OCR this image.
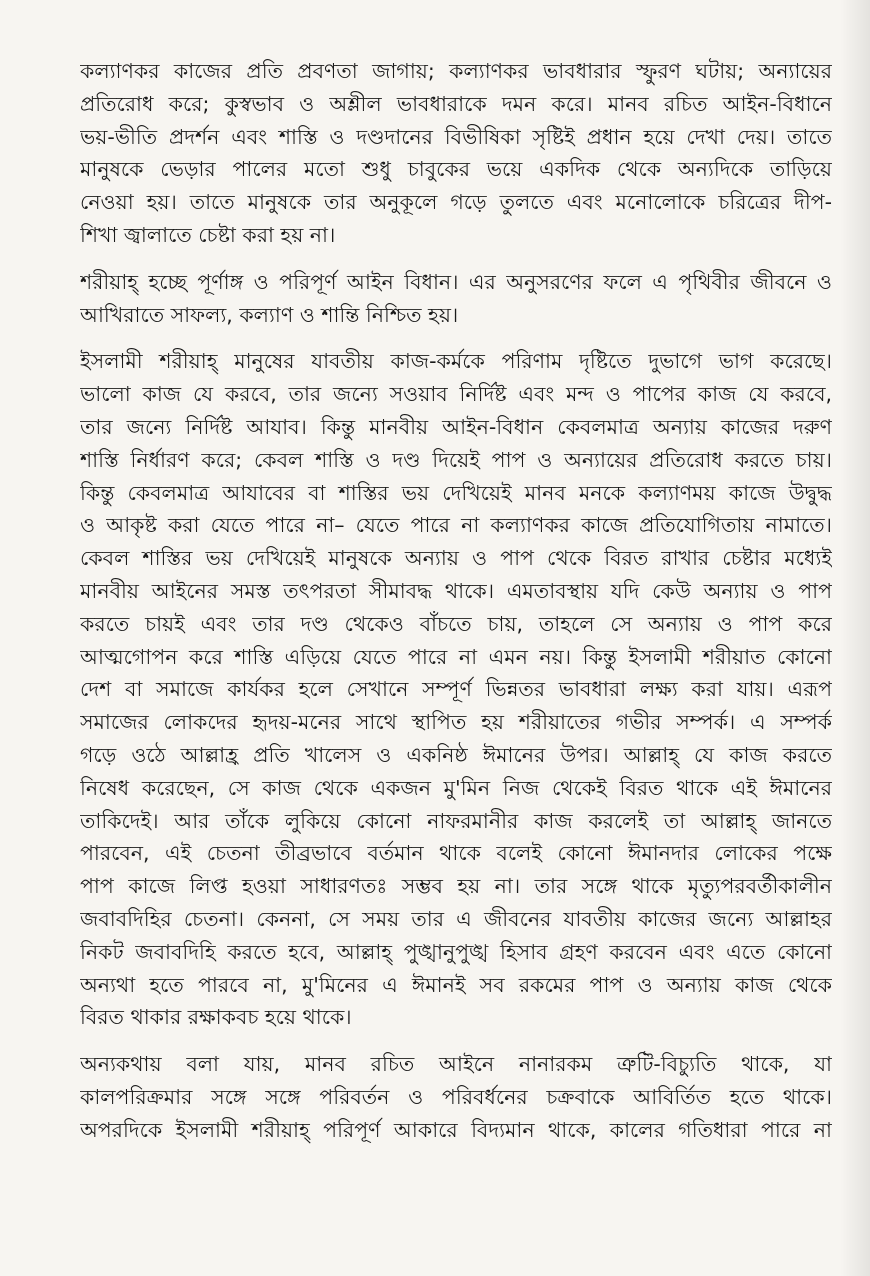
কল্যাণকর কাজের প্রতি প্রবণতা জাগায়; কল্যাণকর ভাবধারার স্ফুরণ ঘটায়; অন্যায়ের
প্রতিরোধ করে; কুস্বভাব ও অশ্লীল ভাবধারাকে দমন করে। মানব রচিত আইন-বিধানে
ভয়-ভীতি প্রদর্শন এবং শাস্তি ও দণ্ডদানের বিভীষিকা সৃষ্টিই প্রধান হয়ে দেখা দেয়। তাতে
মানুষকে ভেড়ার পালের মতো শুধু চাবুকের ভয়ে একদিক থেকে অন্যদিকে তাড়িয়ে
নেওয়া হয়। তাতে মানুষকে তার অনুকূলে গড়ে তুলতে এবং মনোলোকে চরিত্রের দীপ-
শিখা জ্বালাতে চেষ্টা করা হয় না।
শরীয়াহ্ হচ্ছে পূর্ণাঙ্গ ও পরিপূর্ণ আইন বিধান। এর অনুসরণের ফলে এ পৃথিবীর জীবনে ও
আখিরাতে সাফল্য, কল্যাণ ও শান্তি নিশ্চিত হয়।
ইসলামী শরীয়াহ্ মানুষের যাবতীয় কাজ-কর্মকে পরিণাম দৃষ্টিতে দুভাগে ভাগ করেছে।
ভালো কাজ যে করবে, তার জন্যে সওয়াব নির্দিষ্ট এবং মন্দ ও পাপের কাজ যে করবে,
তার জন্যে নির্দিষ্ট আযাব। কিন্তু মানবীয় আইন-বিধান কেবলমাত্র অন্যায় কাজের দরুণ
শাস্তি নির্ধারণ করে; কেবল শাস্তি ও দণ্ড দিয়েই পাপ ও অন্যায়ের প্রতিরোধ করতে চায়।
কিন্তু কেবলমাত্র আযাবের বা শাস্তির ভয় দেখিয়েই মানব মনকে কল্যাণময় কাজে উদ্বুদ্ধ
ও আকৃষ্ট করা যেতে পারে না– যেতে পারে না কল্যাণকর কাজে প্রতিযোগিতায় নামাতে।
কেবল শাস্তির ভয় দেখিয়েই মানুষকে অন্যায় ও পাপ থেকে বিরত রাখার চেষ্টার মধ্যেই
মানবীয় আইনের সমস্ত তৎপরতা সীমাবদ্ধ থাকে। এমতাবস্থায় যদি কেউ অন্যায় ও পাপ
করতে চায়ই এবং তার দণ্ড থেকেও বাঁচতে চায়, তাহলে সে অন্যায় ও পাপ করে
আত্মগোপন করে শাস্তি এড়িয়ে যেতে পারে না এমন নয়। কিন্তু ইসলামী শরীয়াত কোনো
দেশ বা সমাজে কার্যকর হলে সেখানে সম্পূর্ণ ভিন্নতর ভাবধারা লক্ষ্য করা যায়। এরূপ
সমাজের লোকদের হৃদয়-মনের সাথে স্থাপিত হয় শরীয়াতের গভীর সম্পর্ক। এ সম্পর্ক
গড়ে ওঠে আল্লাহ্র প্রতি খালেস ও একনিষ্ঠ ঈমানের উপর। আল্লাহ্ যে কাজ করতে
নিষেধ করেছেন, সে কাজ থেকে একজন মু'মিন নিজ থেকেই বিরত থাকে এই ঈমানের
তাকিদেই। আর তাঁকে লুকিয়ে কোনো নাফরমানীর কাজ করলেই তা আল্লাহ্ জানতে
পারবেন, এই চেতনা তীব্রভাবে বর্তমান থাকে বলেই কোনো ঈমানদার লোকের পক্ষে
পাপ কাজে লিপ্ত হওয়া সাধারণতঃ সম্ভব হয় না। তার সঙ্গে থাকে মৃত্যুপরবর্তীকালীন
জবাবদিহির চেতনা। কেননা, সে সময় তার এ জীবনের যাবতীয় কাজের জন্যে আল্লাহর
নিকট জবাবদিহি করতে হবে, আল্লাহ্ পুঙ্খানুপুঙ্খ হিসাব গ্রহণ করবেন এবং এতে কোনো
অন্যথা হতে পারবে না, মু'মিনের এ ঈমানই সব রকমের পাপ ও অন্যায় কাজ থেকে
বিরত থাকার রক্ষাকবচ হয়ে থাকে।
অন্যকথায় বলা যায়, মানব রচিত আইনে নানারকম ত্রুটি-বিচ্যুতি থাকে, যা
কালপরিক্রমার সঙ্গে সঙ্গে পরিবর্তন ও পরিবর্ধনের চক্রবাকে আবির্তিত হতে থাকে।
অপরদিকে ইসলামী শরীয়াহ্ পরিপূর্ণ আকারে বিদ্যমান থাকে, কালের গতিধারা পারে না
